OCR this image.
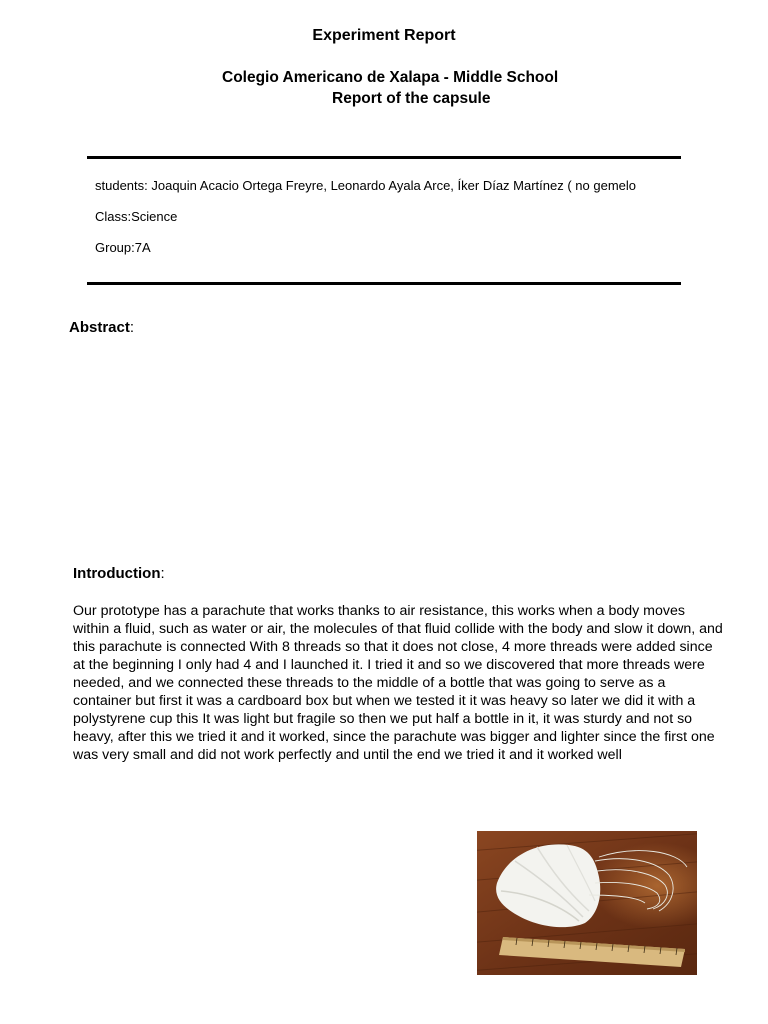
Experiment Report
Colegio Americano de Xalapa - Middle School
Report of the capsule
students: Joaquin Acacio Ortega Freyre, Leonardo Ayala Arce, Íker Díaz Martínez ( no gemelo
Class:Science
Group:7A
Abstract:
Introduction:
Our prototype has a parachute that works thanks to air resistance, this works when a body moves within a fluid, such as water or air, the molecules of that fluid collide with the body and slow it down, and this parachute is connected With 8 threads so that it does not close, 4 more threads were added since at the beginning I only had 4 and I launched it. I tried it and so we discovered that more threads were needed, and we connected these threads to the middle of a bottle that was going to serve as a container but first it was a cardboard box but when we tested it it was heavy so later we did it with a polystyrene cup this It was light but fragile so then we put half a bottle in it, it was sturdy and not so heavy, after this we tried it and it worked, since the parachute was bigger and lighter since the first one was very small and did not work perfectly and until the end we tried it and it worked well
